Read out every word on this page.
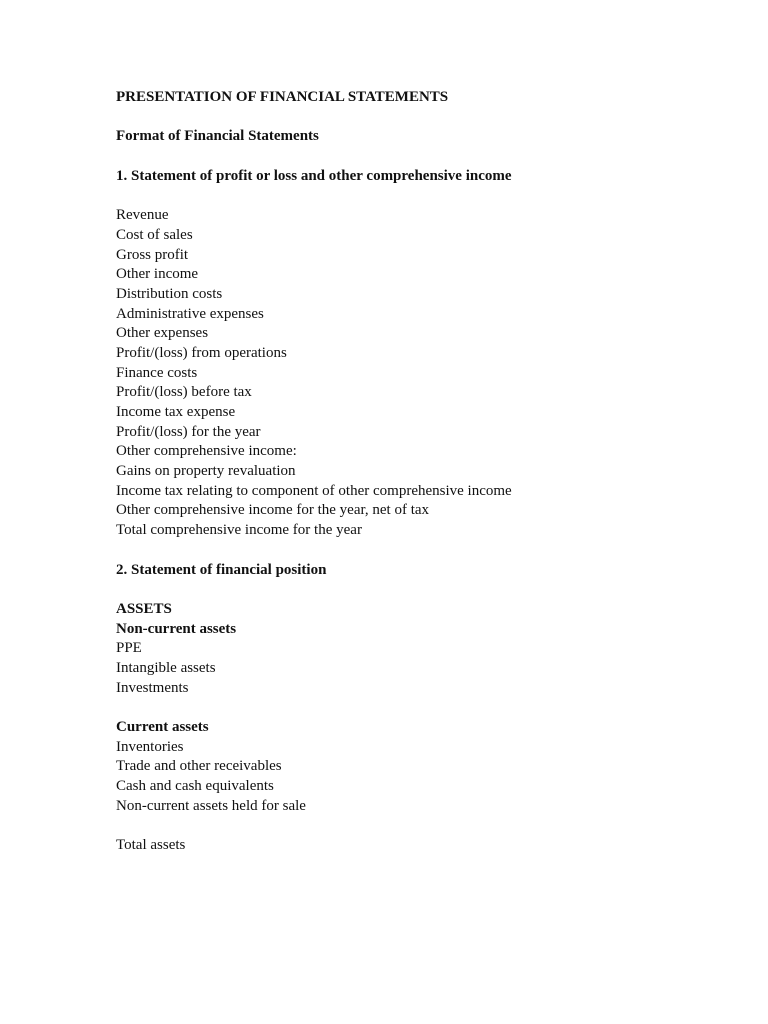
PRESENTATION OF FINANCIAL STATEMENTS
Format of Financial Statements
1. Statement of profit or loss and other comprehensive income
Revenue
Cost of sales
Gross profit
Other income
Distribution costs
Administrative expenses
Other expenses
Profit/(loss) from operations
Finance costs
Profit/(loss) before tax
Income tax expense
Profit/(loss) for the year
Other comprehensive income:
Gains on property revaluation
Income tax relating to component of other comprehensive income
Other comprehensive income for the year, net of tax
Total comprehensive income for the year
2. Statement of financial position
ASSETS
Non-current assets
PPE
Intangible assets
Investments
Current assets
Inventories
Trade and other receivables
Cash and cash equivalents
Non-current assets held for sale
Total assets
